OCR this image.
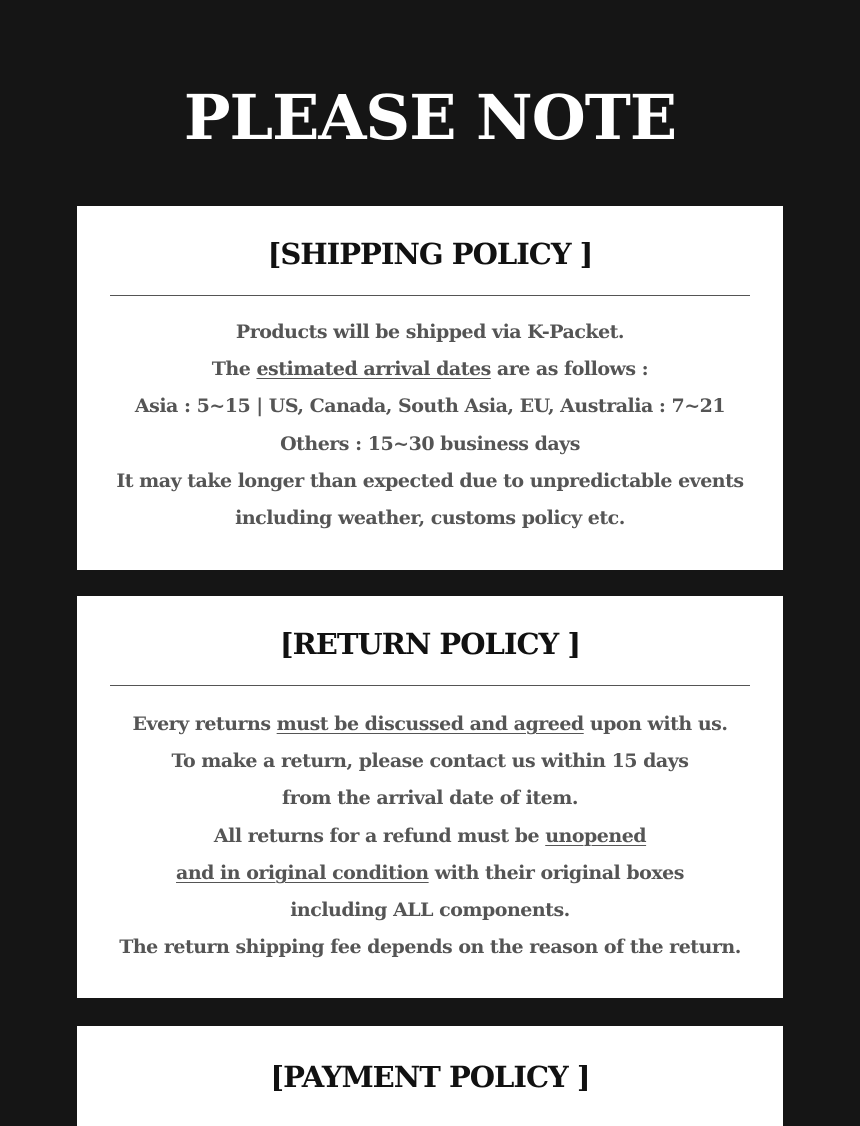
PLEASE NOTE
[SHIPPING POLICY ]
Products will be shipped via K-Packet.
The estimated arrival dates are as follows :
Asia : 5~15 | US, Canada, South Asia, EU, Australia : 7~21
Others : 15~30 business days
It may take longer than expected due to unpredictable events
including weather, customs policy etc.
[RETURN POLICY ]
Every returns must be discussed and agreed upon with us.
To make a return, please contact us within 15 days
from the arrival date of item.
All returns for a refund must be unopened
and in original condition with their original boxes
including ALL components.
The return shipping fee depends on the reason of the return.
[PAYMENT POLICY ]
